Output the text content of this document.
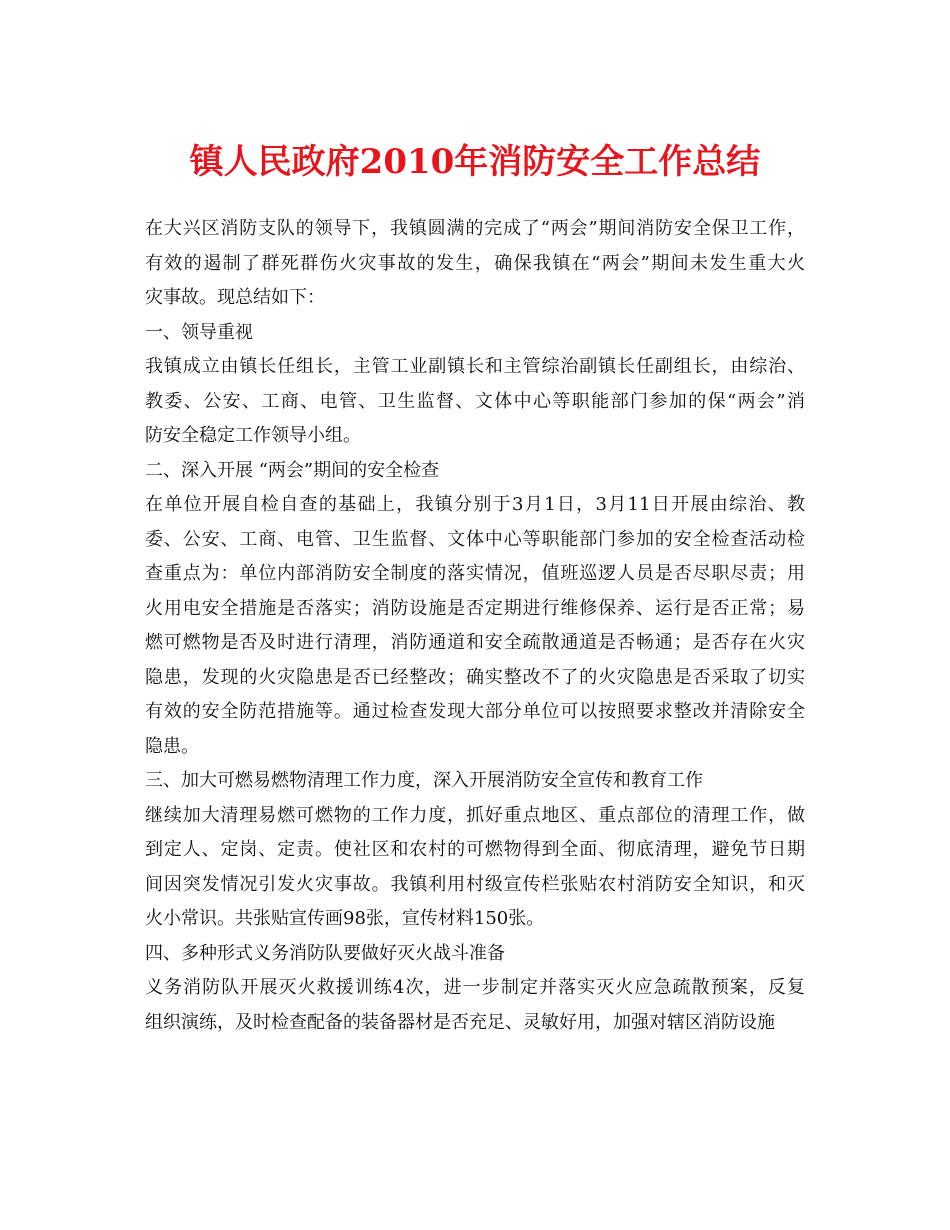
镇人民政府2010年消防安全工作总结

在大兴区消防支队的领导下，我镇圆满的完成了“两会”期间消防安全保卫工作，
有效的遏制了群死群伤火灾事故的发生，确保我镇在“两会”期间未发生重大火
灾事故。现总结如下：

一、领导重视

我镇成立由镇长任组长，主管工业副镇长和主管综治副镇长任副组长，由综治、
教委、公安、工商、电管、卫生监督、文体中心等职能部门参加的保“两会”消
防安全稳定工作领导小组。

二、深入开展 “两会”期间的安全检查

在单位开展自检自查的基础上，我镇分别于3月1日，3月11日开展由综治、教
委、公安、工商、电管、卫生监督、文体中心等职能部门参加的安全检查活动检
查重点为：单位内部消防安全制度的落实情况，值班巡逻人员是否尽职尽责；用
火用电安全措施是否落实；消防设施是否定期进行维修保养、运行是否正常；易
燃可燃物是否及时进行清理，消防通道和安全疏散通道是否畅通；是否存在火灾
隐患，发现的火灾隐患是否已经整改；确实整改不了的火灾隐患是否采取了切实
有效的安全防范措施等。通过检查发现大部分单位可以按照要求整改并清除安全
隐患。

三、加大可燃易燃物清理工作力度，深入开展消防安全宣传和教育工作

继续加大清理易燃可燃物的工作力度，抓好重点地区、重点部位的清理工作，做
到定人、定岗、定责。使社区和农村的可燃物得到全面、彻底清理，避免节日期
间因突发情况引发火灾事故。我镇利用村级宣传栏张贴农村消防安全知识，和灭
火小常识。共张贴宣传画98张，宣传材料150张。

四、多种形式义务消防队要做好灭火战斗准备

义务消防队开展灭火救援训练4次，进一步制定并落实灭火应急疏散预案，反复
组织演练，及时检查配备的装备器材是否充足、灵敏好用，加强对辖区消防设施
